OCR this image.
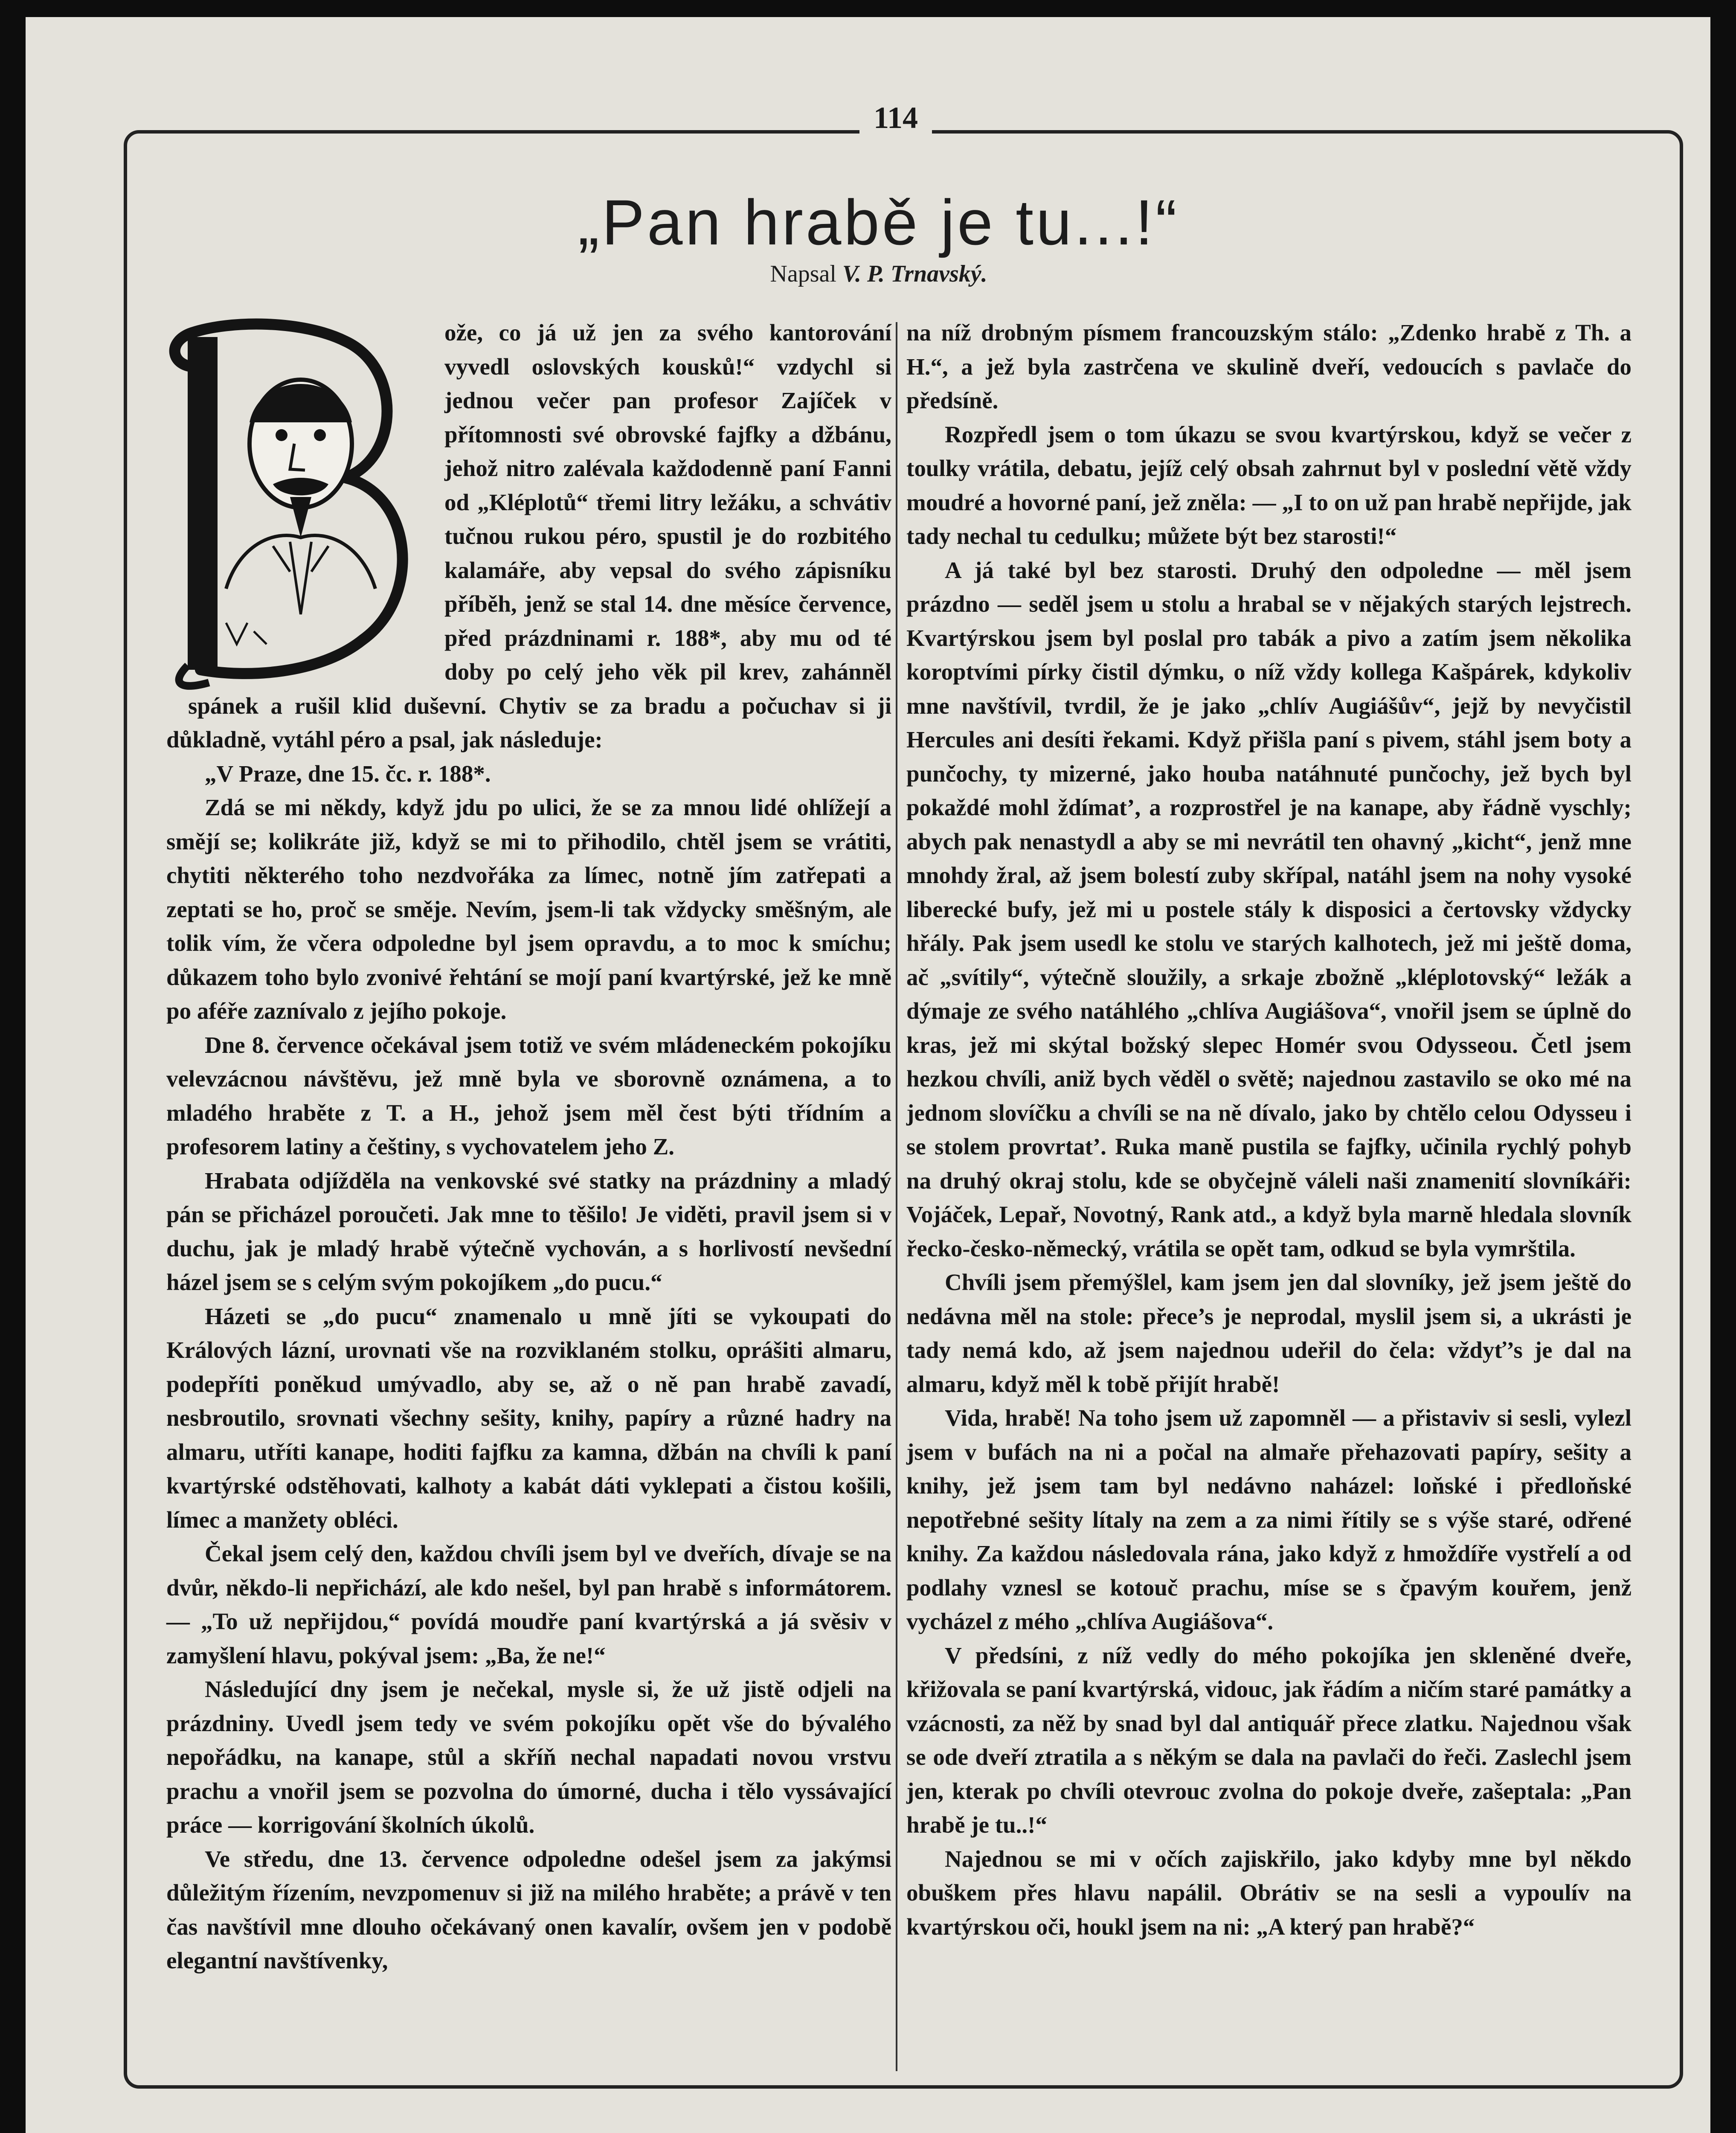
114
„Pan hrabě je tu...!“
Napsal V. P. Trnavský.

ože, co já už jen za svého kantorování vyvedl oslovských kousků!“ vzdychl si jednou večer pan profesor Zajíček v přítomnosti své obrovské fajfky a džbánu, jehož nitro zalévala každodenně paní Fanni od „Kléplotů“ třemi litry ležáku, a schvátiv tučnou rukou péro, spustil je do rozbitého kalamáře, aby vepsal do svého zápisníku příběh, jenž se stal 14. dne měsíce července, před prázdninami r. 188*, aby mu od té doby po celý jeho věk pil krev, zahánněl spánek a rušil klid duševní. Chytiv se za bradu a počuchav si ji důkladně, vytáhl péro a psal, jak následuje:

„V Praze, dne 15. čc. r. 188*.

Zdá se mi někdy, když jdu po ulici, že se za mnou lidé ohlížejí a smějí se; kolikráte již, když se mi to přihodilo, chtěl jsem se vrátiti, chytiti některého toho nezdvořáka za límec, notně jím zatřepati a zeptati se ho, proč se směje. Nevím, jsem-li tak vždycky směšným, ale tolik vím, že včera odpoledne byl jsem opravdu, a to moc k smíchu; důkazem toho bylo zvonivé řehtání se mojí paní kvartýrské, jež ke mně po aféře zaznívalo z jejího pokoje.

Dne 8. července očekával jsem totiž ve svém mládeneckém pokojíku velevzácnou návštěvu, jež mně byla ve sborovně oznámena, a to mladého hraběte z T. a H., jehož jsem měl čest býti třídním a profesorem latiny a češtiny, s vychovatelem jeho Z.

Hrabata odjížděla na venkovské své statky na prázdniny a mladý pán se přicházel poroučeti. Jak mne to těšilo! Je viděti, pravil jsem si v duchu, jak je mladý hrabě výtečně vychován, a s horlivostí nevšední házel jsem se s celým svým pokojíkem „do pucu.“

Házeti se „do pucu“ znamenalo u mně jíti se vykoupati do Králových lázní, urovnati vše na rozviklaném stolku, oprášiti almaru, podepříti poněkud umývadlo, aby se, až o ně pan hrabě zavadí, nesbroutilo, srovnati všechny sešity, knihy, papíry a různé hadry na almaru, utříti kanape, hoditi fajfku za kamna, džbán na chvíli k paní kvartýrské odstěhovati, kalhoty a kabát dáti vyklepati a čistou košili, límec a manžety obléci.

Čekal jsem celý den, každou chvíli jsem byl ve dveřích, dívaje se na dvůr, někdo-li nepřichází, ale kdo nešel, byl pan hrabě s informátorem. — „To už nepřijdou,“ povídá moudře paní kvartýrská a já svěsiv v zamyšlení hlavu, pokýval jsem: „Ba, že ne!“

Následující dny jsem je nečekal, mysle si, že už jistě odjeli na prázdniny. Uvedl jsem tedy ve svém pokojíku opět vše do bývalého nepořádku, na kanape, stůl a skříň nechal napadati novou vrstvu prachu a vnořil jsem se pozvolna do úmorné, ducha i tělo vyssávající práce — korrigování školních úkolů.

Ve středu, dne 13. července odpoledne odešel jsem za jakýmsi důležitým řízením, nevzpomenuv si již na milého hraběte; a právě v ten čas navštívil mne dlouho očekávaný onen kavalír, ovšem jen v podobě elegantní navštívenky,

na níž drobným písmem francouzským stálo: „Zdenko hrabě z Th. a H.“, a jež byla zastrčena ve skulině dveří, vedoucích s pavlače do předsíně.

Rozpředl jsem o tom úkazu se svou kvartýrskou, když se večer z toulky vrátila, debatu, jejíž celý obsah zahrnut byl v poslední větě vždy moudré a hovorné paní, jež zněla: — „I to on už pan hrabě nepřijde, jak tady nechal tu cedulku; můžete být bez starosti!“

A já také byl bez starosti. Druhý den odpoledne — měl jsem prázdno — seděl jsem u stolu a hrabal se v nějakých starých lejstrech. Kvartýrskou jsem byl poslal pro tabák a pivo a zatím jsem několika koroptvími pírky čistil dýmku, o níž vždy kollega Kašpárek, kdykoliv mne navštívil, tvrdil, že je jako „chlív Augiášův“, jejž by nevyčistil Hercules ani desíti řekami. Když přišla paní s pivem, stáhl jsem boty a punčochy, ty mizerné, jako houba natáhnuté punčochy, jež bych byl pokaždé mohl ždímat’, a rozprostřel je na kanape, aby řádně vyschly; abych pak nenastydl a aby se mi nevrátil ten ohavný „kicht“, jenž mne mnohdy žral, až jsem bolestí zuby skřípal, natáhl jsem na nohy vysoké liberecké bufy, jež mi u postele stály k disposici a čertovsky vždycky hřály. Pak jsem usedl ke stolu ve starých kalhotech, jež mi ještě doma, ač „svítily“, výtečně sloužily, a srkaje zbožně „kléplotovský“ ležák a dýmaje ze svého natáhlého „chlíva Augiášova“, vnořil jsem se úplně do kras, jež mi skýtal božský slepec Homér svou Odysseou. Četl jsem hezkou chvíli, aniž bych věděl o světě; najednou zastavilo se oko mé na jednom slovíčku a chvíli se na ně dívalo, jako by chtělo celou Odysseu i se stolem provrtat’. Ruka maně pustila se fajfky, učinila rychlý pohyb na druhý okraj stolu, kde se obyčejně váleli naši znamenití slovníkáři: Vojáček, Lepař, Novotný, Rank atd., a když byla marně hledala slovník řecko-česko-německý, vrátila se opět tam, odkud se byla vymrštila.

Chvíli jsem přemýšlel, kam jsem jen dal slovníky, jež jsem ještě do nedávna měl na stole: přece’s je neprodal, myslil jsem si, a ukrásti je tady nemá kdo, až jsem najednou udeřil do čela: vždyť’s je dal na almaru, když měl k tobě přijít hrabě!

Vida, hrabě! Na toho jsem už zapomněl — a přistaviv si sesli, vylezl jsem v bufách na ni a počal na almaře přehazovati papíry, sešity a knihy, jež jsem tam byl nedávno naházel: loňské i předloňské nepotřebné sešity lítaly na zem a za nimi řítily se s výše staré, odřené knihy. Za každou následovala rána, jako když z hmoždíře vystřelí a od podlahy vznesl se kotouč prachu, míse se s čpavým kouřem, jenž vycházel z mého „chlíva Augiášova“.

V předsíni, z níž vedly do mého pokojíka jen skleněné dveře, křižovala se paní kvartýrská, vidouc, jak řádím a ničím staré památky a vzácnosti, za něž by snad byl dal antiquář přece zlatku. Najednou však se ode dveří ztratila a s někým se dala na pavlači do řeči. Zaslechl jsem jen, kterak po chvíli otevrouc zvolna do pokoje dveře, zašeptala: „Pan hrabě je tu..!“

Najednou se mi v očích zajiskřilo, jako kdyby mne byl někdo obuškem přes hlavu napálil. Obrátiv se na sesli a vypoulív na kvartýrskou oči, houkl jsem na ni: „A který pan hrabě?“
